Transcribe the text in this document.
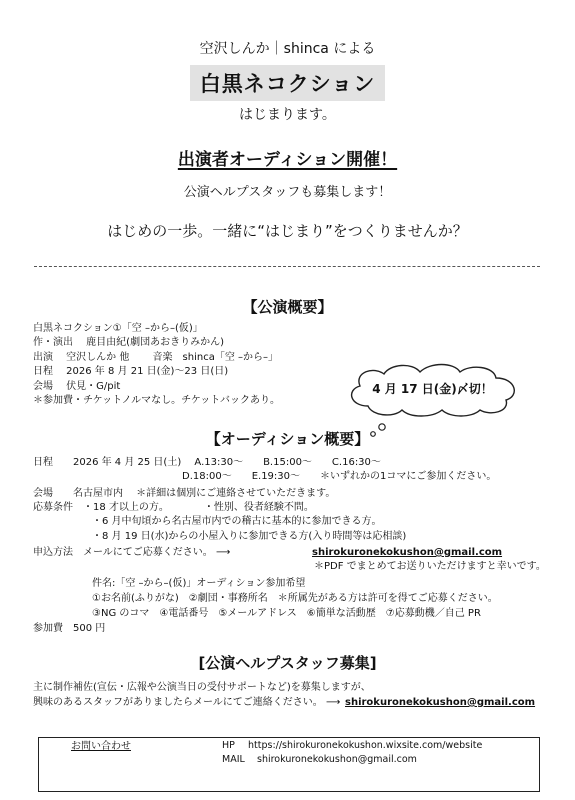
空沢しんか｜shinca による
白黒ネコクション
はじまります。
出演者オーディション開催！
公演ヘルプスタッフも募集します！
はじめの一歩。一緒に“はじまり”をつくりませんか？
【公演概要】
白黒ネコクション①「空 –から–(仮)」
作・演出　 鹿目由紀(劇団あおきりみかん)
出演　 空沢しんか 他　　 音楽　shinca「空 –から–」
日程　 2026 年 8 月 21 日(金)〜23 日(日)
会場　 伏見・G/pit
＊参加費・チケットノルマなし。チケットバックあり。
4 月 17 日(金)〆切！
【オーディション概要】
日程　　2026 年 4 月 25 日(土)　 A.13:30〜　　B.15:00〜　　C.16:30〜
D.18:00〜　　E.19:30〜　　＊いずれかの1コマにご参加ください。
会場　　名古屋市内　 ＊詳細は個別にご連絡させていただきます。
応募条件　・18 才以上の方。　　　　・性別、役者経験不問。
・6 月中旬頃から名古屋市内での稽古に基本的に参加できる方。
・8 月 19 日(水)からの小屋入りに参加できる方(入り時間等は応相談)
申込方法　メールにてご応募ください。 ⟶	shirokuronekokushon@gmail.com
＊PDF でまとめてお送りいただけますと幸いです。
件名:「空 –から–(仮)」オーディション参加希望
①お名前(ふりがな)　②劇団・事務所名　＊所属先がある方は許可を得てご応募ください。
③NG のコマ　④電話番号　⑤メールアドレス　⑥簡単な活動歴　⑦応募動機／自己 PR
参加費　500 円
[公演ヘルプスタッフ募集]
主に制作補佐(宣伝・広報や公演当日の受付サポートなど)を募集しますが、
興味のあるスタッフがありましたらメールにてご連絡ください。 ⟶ shirokuronekokushon@gmail.com
お問い合わせ	HP https://shirokuronekokushon.wixsite.com/website
MAIL shirokuronekokushon@gmail.com
